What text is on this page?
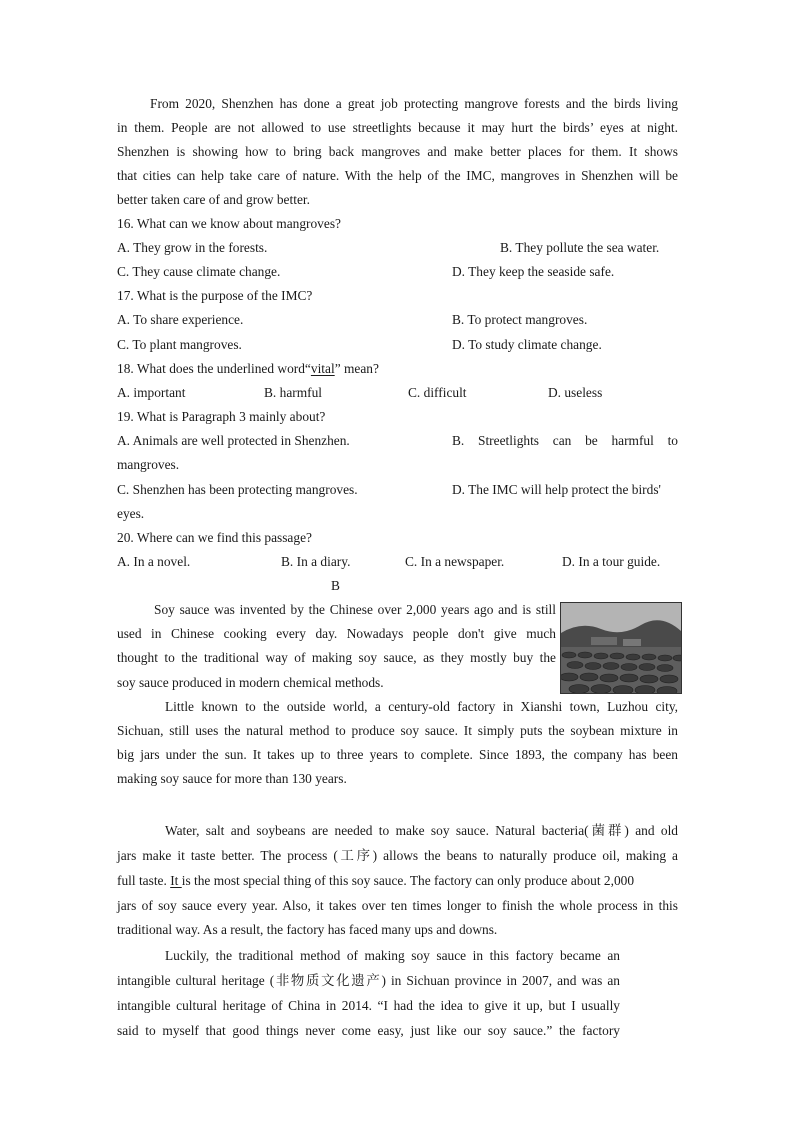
From 2020, Shenzhen has done a great job protecting mangrove forests and the birds living
in them. People are not allowed to use streetlights because it may hurt the birds’ eyes at night.
Shenzhen is showing how to bring back mangroves and make better places for them. It shows
that cities can help take care of nature. With the help of the IMC, mangroves in Shenzhen will be
better taken care of and grow better.
16. What can we know about mangroves?
A. They grow in the forests.	B. They pollute the sea water.
C. They cause climate change.	D. They keep the seaside safe.
17. What is the purpose of the IMC?
A. To share experience.	B. To protect mangroves.
C. To plant mangroves.	D. To study climate change.
18. What does the underlined word“vital” mean?
A. important	B. harmful	C. difficult	D. useless
19. What is Paragraph 3 mainly about?
A. Animals are well protected in Shenzhen.	B. Streetlights can be harmful to
mangroves.
C. Shenzhen has been protecting mangroves.	D. The IMC will help protect the birds'
eyes.
20. Where can we find this passage?
A. In a novel.	B. In a diary.	C. In a newspaper.	D. In a tour guide.
B
Soy sauce was invented by the Chinese over 2,000 years ago and is still
used in Chinese cooking every day. Nowadays people don't give much
thought to the traditional way of making soy sauce, as they mostly buy the
soy sauce produced in modern chemical methods.
Little known to the outside world, a century-old factory in Xianshi town, Luzhou city,
Sichuan, still uses the natural method to produce soy sauce. It simply puts the soybean mixture in
big jars under the sun. It takes up to three years to complete. Since 1893, the company has been
making soy sauce for more than 130 years.
Water, salt and soybeans are needed to make soy sauce. Natural bacteria(菌群) and old
jars make it taste better. The process (工序) allows the beans to naturally produce oil, making a
full taste. It is the most special thing of this soy sauce. The factory can only produce about 2,000
jars of soy sauce every year. Also, it takes over ten times longer to finish the whole process in this
traditional way. As a result, the factory has faced many ups and downs.
Luckily, the traditional method of making soy sauce in this factory became an
intangible cultural heritage (非物质文化遗产) in Sichuan province in 2007, and was an
intangible cultural heritage of China in 2014. “I had the idea to give it up, but I usually
said to myself that good things never come easy, just like our soy sauce.” the factory
